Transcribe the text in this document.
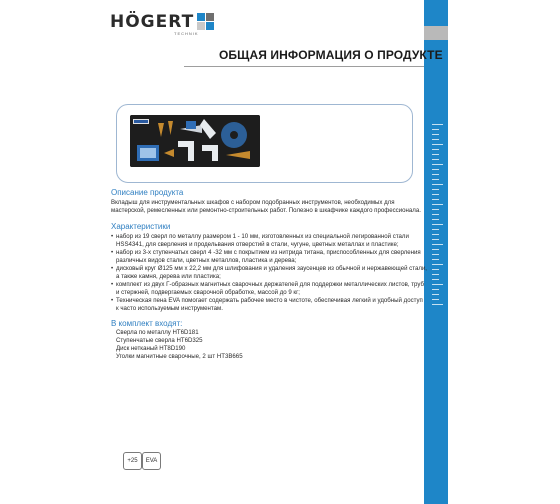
HÖGERT
TECHNIK
ОБЩАЯ ИНФОРМАЦИЯ О ПРОДУКТЕ
Описание продукта
Вкладыш для инструментальных шкафов с набором подобранных инструментов, необходимых для
мастерской, ремесленных или ремонтно-строительных работ. Полезно в шкафчике каждого профессионала.
Характеристики
• набор из 19 сверл по металлу размером 1 - 10 мм, изготовленных из специальной легированной стали
HSS4341, для сверления и продельвания отверстий в стали, чугуне, цветных металлах и пластике;
• набор из 3-х ступенчатых сверл 4 -32 мм с покрытием из нитрида титана, приспособленных для сверления
различных видов стали, цветных металлов, пластика и дерева;
• дисковый круг Ø125 мм x 22,2 мм для шлифования и удаления заусенцев из обычной и нержавеющей стали,
а также камня, дерева или пластика;
• комплект из двух Г-образных магнитных сварочных держателей для поддержки металлических листов, труб
и стержней, подвергаемых сварочной обработке, массой до 9 кг;
• Техническая пена EVA помогает содержать рабочее место в чистоте, обеспечивая легкий и удобный доступ
к часто используемым инструментам.
В комплект входят:
Сверла по металлу HT6D181
Ступенчатые сверла HT6D325
Диск нетканый HT8D190
Уголки магнитные сварочные, 2 шт HT3B665
+25	EVA
